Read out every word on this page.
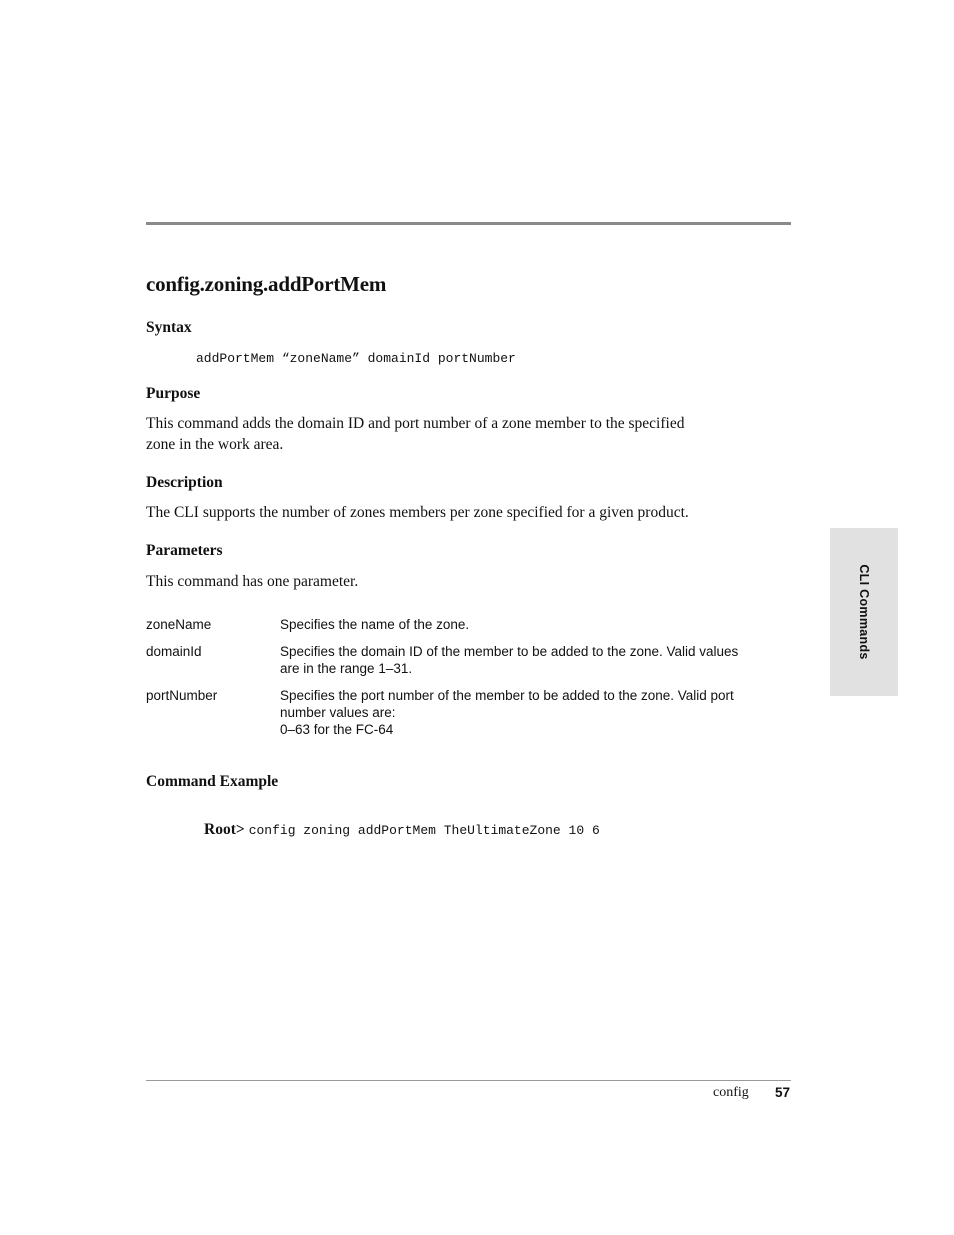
config.zoning.addPortMem
Syntax
addPortMem “zoneName” domainId portNumber
Purpose

This command adds the domain ID and port number of a zone member to the specified
zone in the work area.

Description

The CLI supports the number of zones members per zone specified for a given product.

Parameters

This command has one parameter.

zoneName	Specifies the name of the zone.
domainId	Specifies the domain ID of the member to be added to the zone. Valid values
are in the range 1–31.
portNumber	Specifies the port number of the member to be added to the zone. Valid port
number values are:
0–63 for the FC-64
Command Example

Root> config zoning addPortMem TheUltimateZone 10 6

CLI Commands
config 57
